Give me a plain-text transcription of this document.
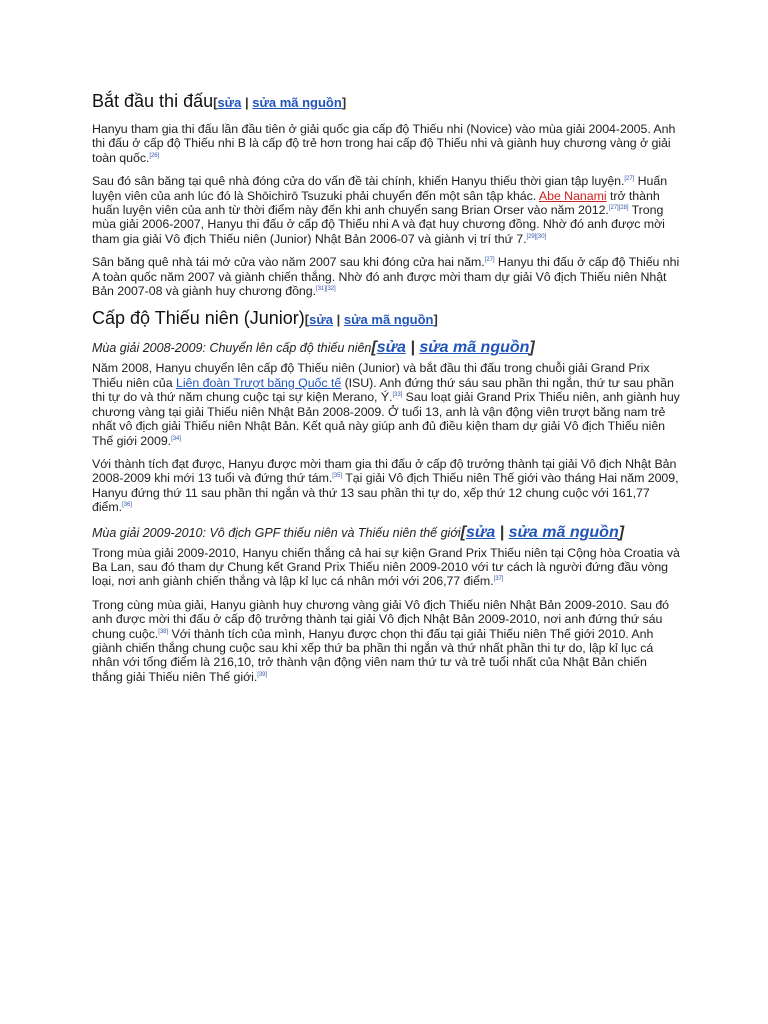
Bắt đầu thi đấu[sửa | sửa mã nguồn]

Hanyu tham gia thi đấu lần đầu tiên ở giải quốc gia cấp độ Thiếu nhi (Novice) vào mùa giải 2004-2005. Anh thi đấu ở cấp độ Thiếu nhi B là cấp độ trẻ hơn trong hai cấp độ Thiếu nhi và giành huy chương vàng ở giải toàn quốc.[26]

Sau đó sân băng tại quê nhà đóng cửa do vấn đề tài chính, khiến Hanyu thiếu thời gian tập luyện.[27] Huấn luyện viên của anh lúc đó là Shōichirō Tsuzuki phải chuyển đến một sân tập khác. Abe Nanami trở thành huấn luyện viên của anh từ thời điểm này đến khi anh chuyển sang Brian Orser vào năm 2012.[27][28] Trong mùa giải 2006-2007, Hanyu thi đấu ở cấp độ Thiếu nhi A và đạt huy chương đồng. Nhờ đó anh được mời tham gia giải Vô địch Thiếu niên (Junior) Nhật Bản 2006-07 và giành vị trí thứ 7.[29][30]

Sân băng quê nhà tái mở cửa vào năm 2007 sau khi đóng cửa hai năm.[27] Hanyu thi đấu ở cấp độ Thiếu nhi A toàn quốc năm 2007 và giành chiến thắng. Nhờ đó anh được mời tham dự giải Vô địch Thiếu niên Nhật Bản 2007-08 và giành huy chương đồng.[31][32]

Cấp độ Thiếu niên (Junior)[sửa | sửa mã nguồn]
Mùa giải 2008-2009: Chuyển lên cấp độ thiếu niên[sửa | sửa mã nguồn]

Năm 2008, Hanyu chuyển lên cấp độ Thiếu niên (Junior) và bắt đầu thi đấu trong chuỗi giải Grand Prix Thiếu niên của Liên đoàn Trượt băng Quốc tế (ISU). Anh đứng thứ sáu sau phần thi ngắn, thứ tư sau phần thi tự do và thứ năm chung cuộc tại sự kiện Merano, Ý.[33] Sau loạt giải Grand Prix Thiếu niên, anh giành huy chương vàng tại giải Thiếu niên Nhật Bản 2008-2009. Ở tuổi 13, anh là vận động viên trượt băng nam trẻ nhất vô địch giải Thiếu niên Nhật Bản. Kết quả này giúp anh đủ điều kiện tham dự giải Vô địch Thiếu niên Thế giới 2009.[34]

Với thành tích đạt được, Hanyu được mời tham gia thi đấu ở cấp độ trưởng thành tại giải Vô địch Nhật Bản 2008-2009 khi mới 13 tuổi và đứng thứ tám.[35] Tại giải Vô địch Thiếu niên Thế giới vào tháng Hai năm 2009, Hanyu đứng thứ 11 sau phần thi ngắn và thứ 13 sau phần thi tự do, xếp thứ 12 chung cuộc với 161,77 điểm.[36]

Mùa giải 2009-2010: Vô địch GPF thiếu niên và Thiếu niên thế giới[sửa | sửa mã nguồn]

Trong mùa giải 2009-2010, Hanyu chiến thắng cả hai sự kiện Grand Prix Thiếu niên tại Cộng hòa Croatia và Ba Lan, sau đó tham dự Chung kết Grand Prix Thiếu niên 2009-2010 với tư cách là người đứng đầu vòng loại, nơi anh giành chiến thắng và lập kỉ lục cá nhân mới với 206,77 điểm.[37]

Trong cùng mùa giải, Hanyu giành huy chương vàng giải Vô địch Thiếu niên Nhật Bản 2009-2010. Sau đó anh được mời thi đấu ở cấp độ trưởng thành tại giải Vô địch Nhật Bản 2009-2010, nơi anh đứng thứ sáu chung cuộc.[38] Với thành tích của mình, Hanyu được chọn thi đấu tại giải Thiếu niên Thế giới 2010. Anh giành chiến thắng chung cuộc sau khi xếp thứ ba phần thi ngắn và thứ nhất phần thi tự do, lập kỉ lục cá nhân với tổng điểm là 216,10, trở thành vận động viên nam thứ tư và trẻ tuổi nhất của Nhật Bản chiến thắng giải Thiếu niên Thế giới.[39]
